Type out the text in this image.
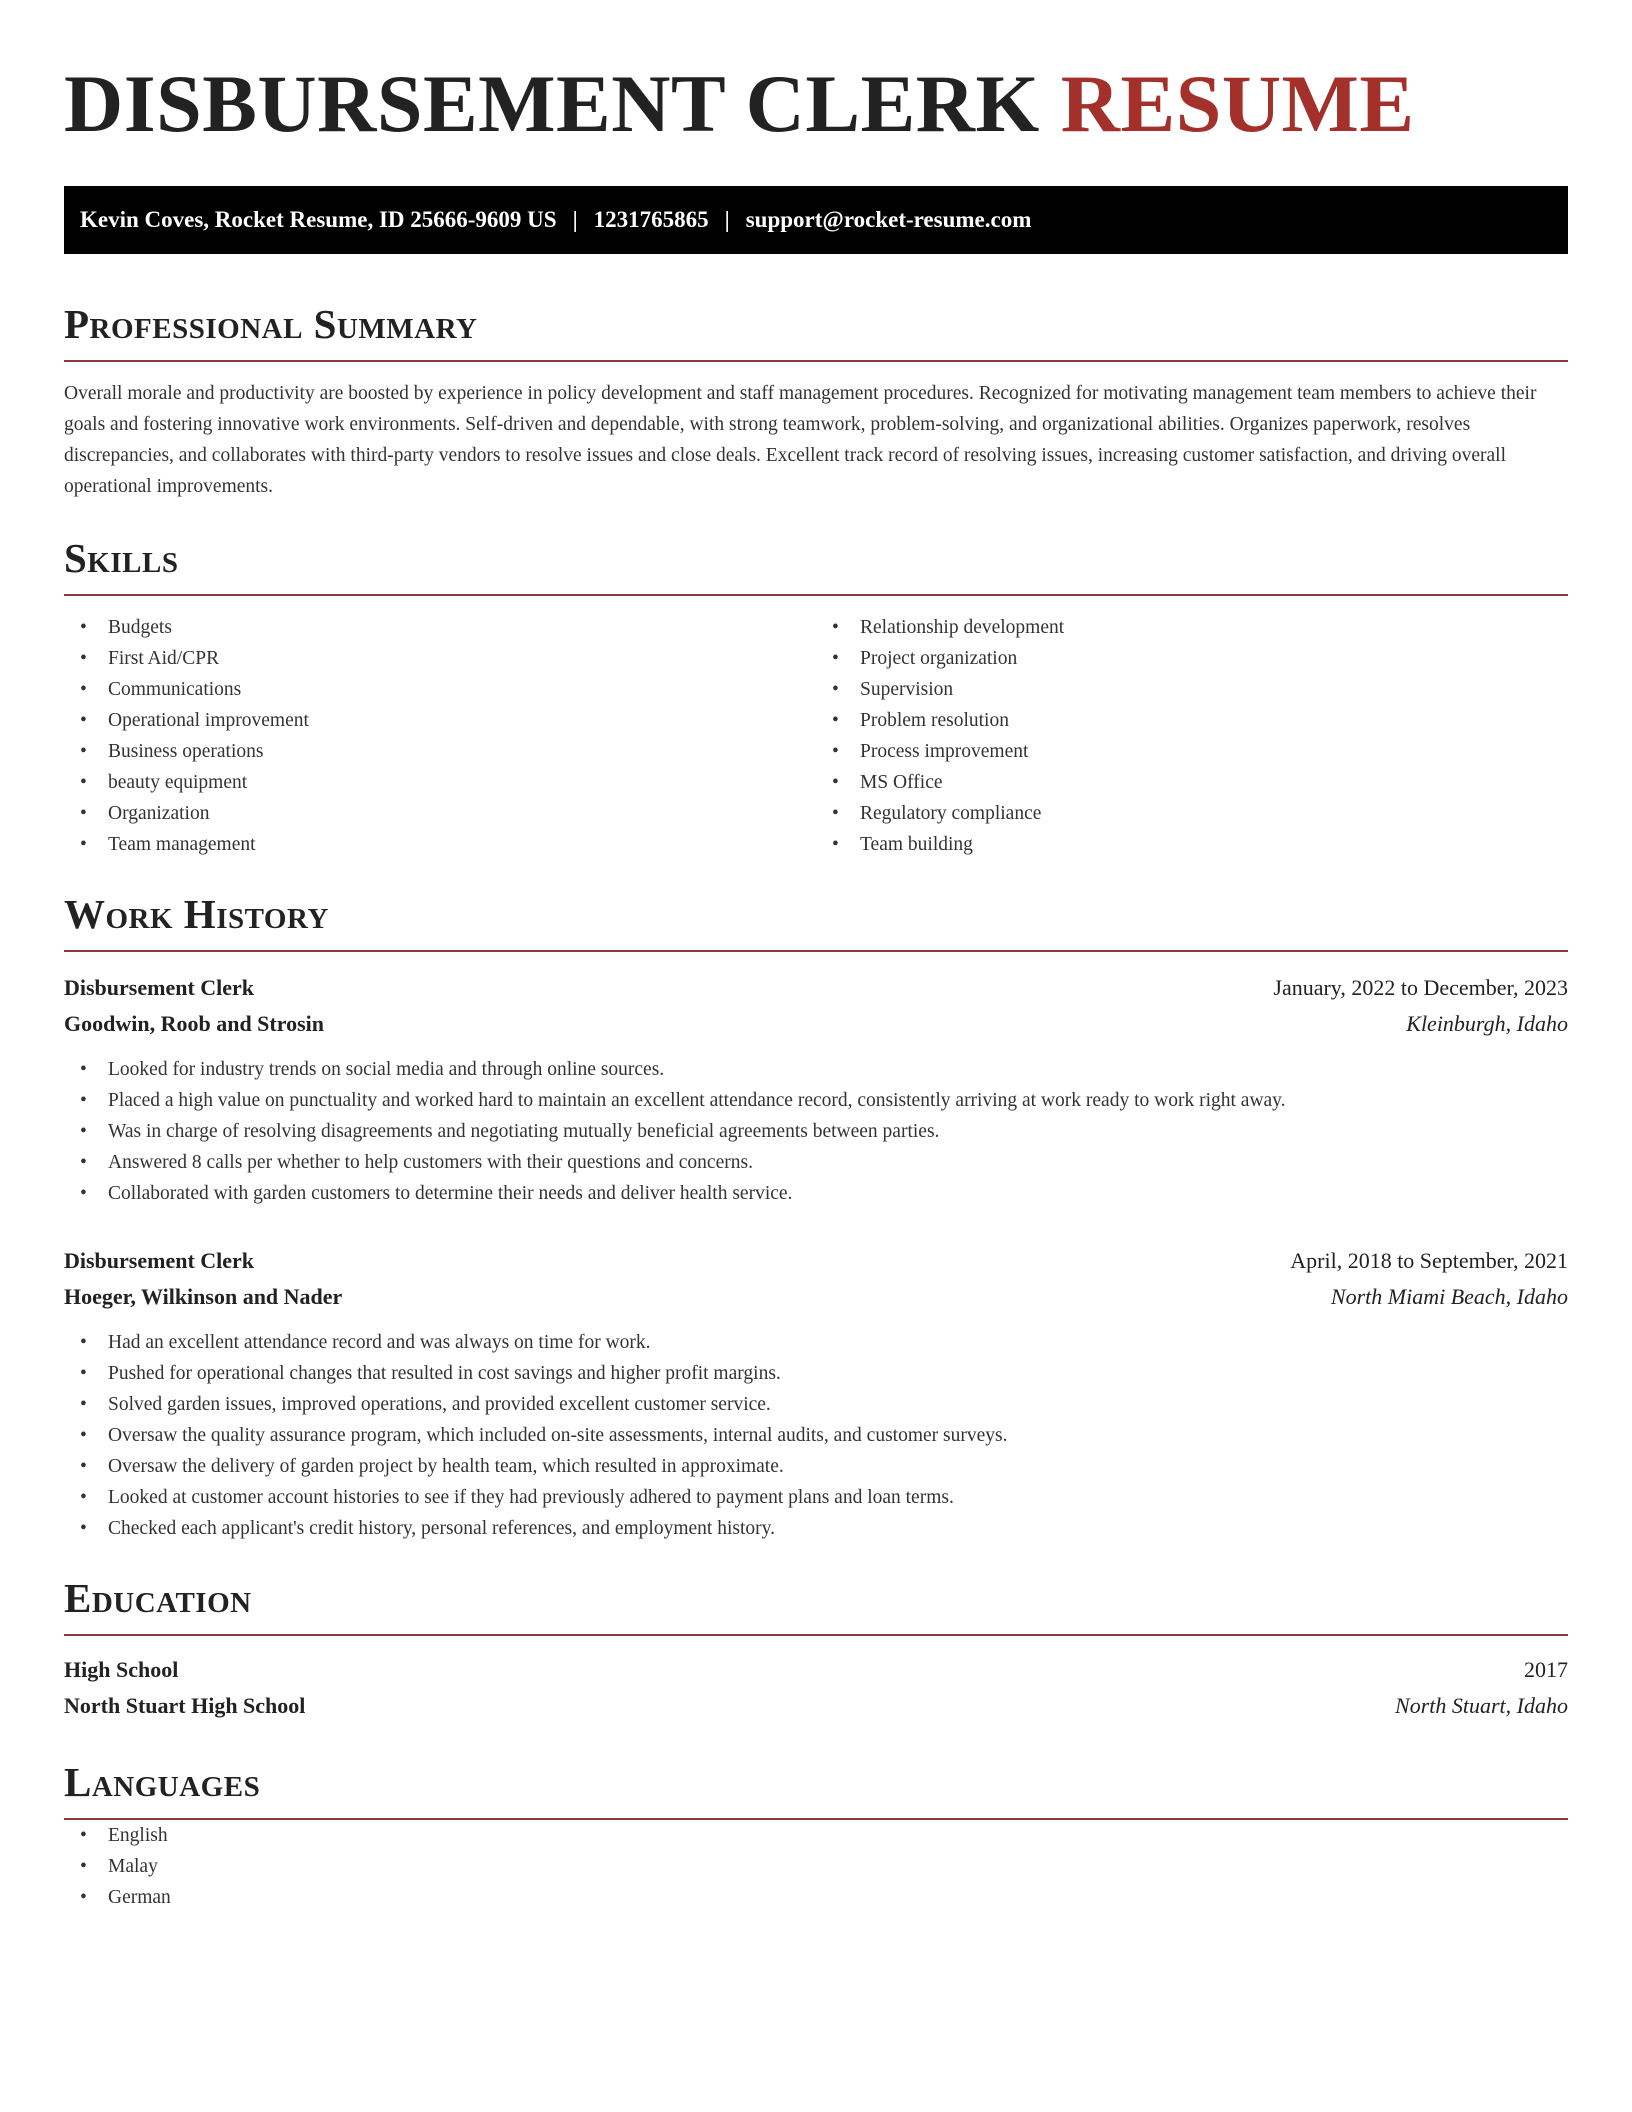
DISBURSEMENT CLERK RESUME
Kevin Coves, Rocket Resume, ID 25666-9609 US | 1231765865 | support@rocket-resume.com
Professional Summary

Overall morale and productivity are boosted by experience in policy development and staff management procedures. Recognized for motivating management team members to achieve their goals and fostering innovative work environments. Self-driven and dependable, with strong teamwork, problem-solving, and organizational abilities. Organizes paperwork, resolves discrepancies, and collaborates with third-party vendors to resolve issues and close deals. Excellent track record of resolving issues, increasing customer satisfaction, and driving overall operational improvements.

Skills
• Budgets
• First Aid/CPR
• Communications
• Operational improvement
• Business operations
• beauty equipment
• Organization
• Team management
• Relationship development
• Project organization
• Supervision
• Problem resolution
• Process improvement
• MS Office
• Regulatory compliance
• Team building
Work History
Disbursement Clerk	January, 2022 to December, 2023
Goodwin, Roob and Strosin	Kleinburgh, Idaho
• Looked for industry trends on social media and through online sources.
• Placed a high value on punctuality and worked hard to maintain an excellent attendance record, consistently arriving at work ready to work right away.
• Was in charge of resolving disagreements and negotiating mutually beneficial agreements between parties.
• Answered 8 calls per whether to help customers with their questions and concerns.
• Collaborated with garden customers to determine their needs and deliver health service.
Disbursement Clerk	April, 2018 to September, 2021
Hoeger, Wilkinson and Nader	North Miami Beach, Idaho
• Had an excellent attendance record and was always on time for work.
• Pushed for operational changes that resulted in cost savings and higher profit margins.
• Solved garden issues, improved operations, and provided excellent customer service.
• Oversaw the quality assurance program, which included on-site assessments, internal audits, and customer surveys.
• Oversaw the delivery of garden project by health team, which resulted in approximate.
• Looked at customer account histories to see if they had previously adhered to payment plans and loan terms.
• Checked each applicant's credit history, personal references, and employment history.
Education
High School	2017
North Stuart High School	North Stuart, Idaho
Languages
• English
• Malay
• German
